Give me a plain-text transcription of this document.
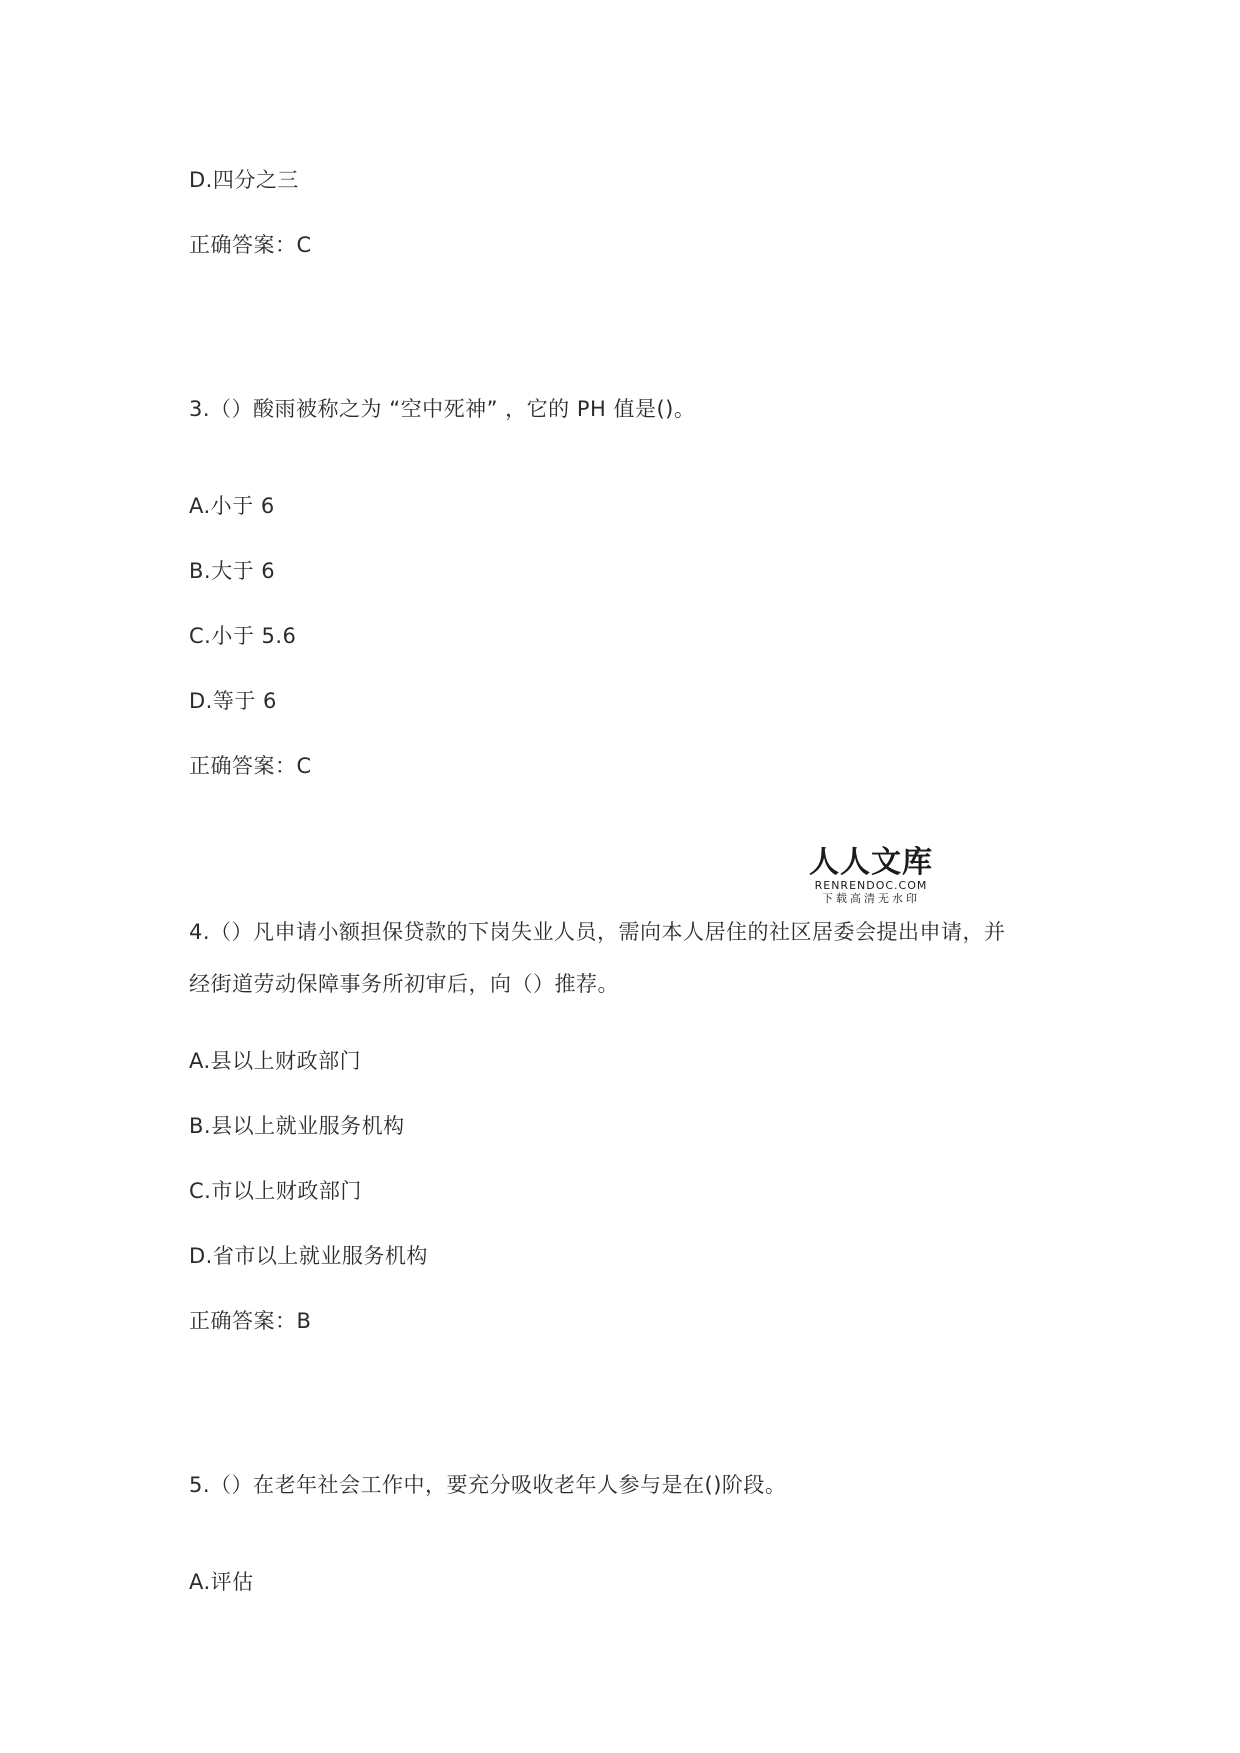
D.四分之三
正确答案：C
3.（）酸雨被称之为 “空中死神” ，它的 PH 值是()。
A.小于 6
B.大于 6
C.小于 5.6
D.等于 6
正确答案：C
人人文库
RENRENDOC.COM
下载高清无水印
4.（）凡申请小额担保贷款的下岗失业人员，需向本人居住的社区居委会提出申请，并
经街道劳动保障事务所初审后，向（）推荐。
A.县以上财政部门
B.县以上就业服务机构
C.市以上财政部门
D.省市以上就业服务机构
正确答案：B
5.（）在老年社会工作中，要充分吸收老年人参与是在()阶段。
A.评估
